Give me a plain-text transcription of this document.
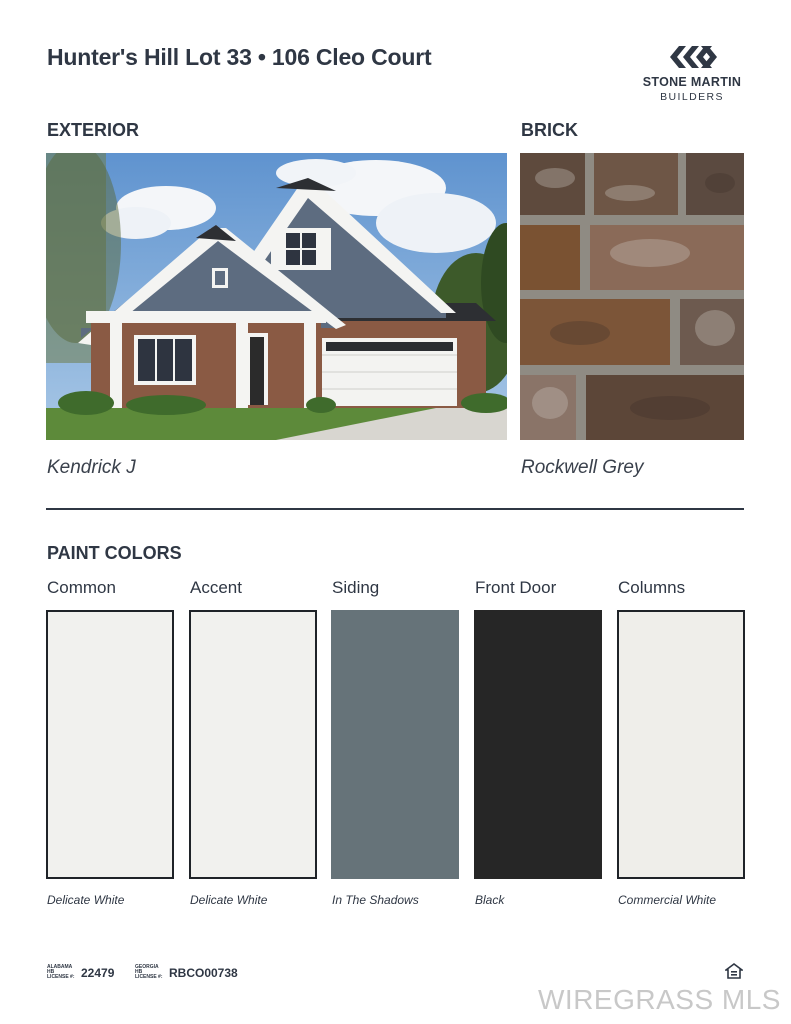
Hunter's Hill Lot 33 • 106 Cleo Court
STONE MARTIN
BUILDERS
EXTERIOR	BRICK
Kendrick J	Rockwell Grey
PAINT COLORS
Common	Accent	Siding	Front Door	Columns
Delicate White	Delicate White	In The Shadows	Black	Commercial White
ALABAMA HB LICENSE #: 22479	GEORGIA HB LICENSE #: RBCO00738
WIREGRASS MLS
